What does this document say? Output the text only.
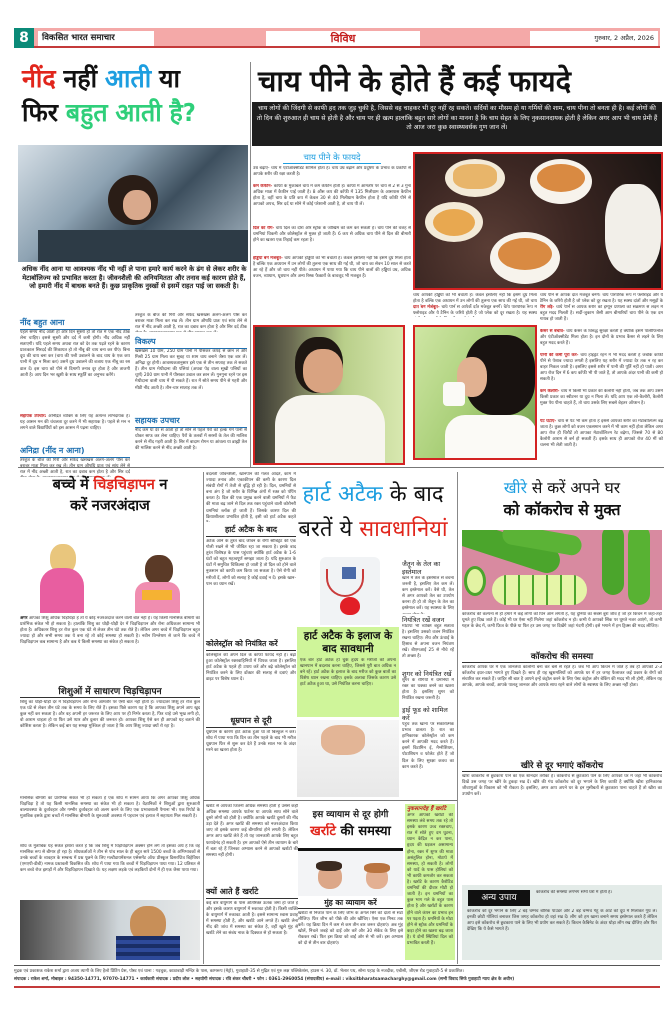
8	विकसित भारत समाचार	विविध	गुरुवार, 2 अप्रैल, 2026
नींद नहीं आती या
फिर बहुत आती है?
अधिक नींद आना या आवश्यक नींद भी नहीं ले पाना हमारे कार्य करने के ढंग से लेकर शरीर के मेटाबॉलिज्म को प्रभावित करता है। जीवनशैली की अनियमितता और तनाव कई कारण होते हैं, जो हमारी नींद में बाधक बनते हैं। कुछ प्राकृतिक नुस्खों से इसमें राहत पाई जा सकती है।
नींद बहुत आना
पहले समय नींद आती हो और दिन सुस्ती हो तो रात में एक नींद ठीक लेना चाहिए। इससे सुस्ती और दर्द में कमी होगी। नींद अधिक नहीं सताएगी। यदि पहले समय अथवा रात को देर तक पढ़ते रहने के कारण प्रातःकाल सिरदर्द की शिकायत हो तो नींबू की चाय बना कर पीएं। बिना दूध की चाय बना कर (चाय की पत्ती उबालने के बाद चाय के एक कप पानी में दूध न मिला कर) उसमें दूध उबालने की बजाय एक नींबू का रस डाल दें। इस चाय को पीने से दिमागी तनाव दूर होता है और ताजगी आती है। आप दिन भर खुशी के साथ स्फूर्ति का अनुभव करेंगे।
सहायक उपचार: अनिद्रित व्यक्ति के लिए यह अत्यन्त लाभदायक है। यह आसन मन की चंचलता दूर करने में भी सहायक है। पहले से मन न लगने वाले विद्यार्थियों को इस आसन में पढ़ना चाहिए।
अनिद्रा (नींद न आना)
तरबूज के बीज की गिरी और सफेद खसखस अलग-अलग पीस कर रात में नींद अच्छी आती है, रात का दबाव कम होता है और सिर दर्द
तरबूज के बीज की गिरी और सफेद खसखस अलग-अलग पीस कर बराबर मात्रा मिला कर रख लें। तीन ग्राम औषधि प्रातः एवं सांय लेने से रात में नींद अच्छी आती है, रात का दबाव कम होता है और सिर दर्द ठीक
विकल्प
खसखस 10 ग्राम, 250 ग्राम पानी में पीसकर कपड़े से छान लें और मिश्री 25 ग्राम मिला कर सुबह या शाम चाय बनाने जैसा एक बार लें। अनिद्रा दूर होगी। आवश्यकतानुसार इसे एक से तीन सप्ताह तक ले सकते हैं। तीन ग्राम मेथीदाना की पत्तियां (अथवा पेड़ वाला सूखी पत्तियों का चूर्ण) 200 ग्राम पानी में पीसकर उबाल कर छान लें। गुनगुना रहने पर इस मेथीदाना वाली चाय में पी सकते हैं। रात में सोते समय पीने से गहरी और मीठी नींद आती है। तीन-चार सप्ताह तक लें।
सहायक उपचार
नींद कम या देर से आती हो तो सोने से पहले पैरों को हल्के गर्म पानी से धोकर साफ कर लेना चाहिए। पैरों के तलवों में सरसों के तेल की मालिश करने से नींद गहरी आती है। सिर में बादाम रोगन या आंवला या ब्राह्मी तेल की मालिश करने से नींद अच्छी आती है।
चाय पीने के होते हैं कई फायदे
चाय लोगों की जिंदगी से काफी हद तक जुड़ चुकी है, जिससे वह चाहकर भी दूर नहीं रह सकते। सर्दियों का मौसम हो या गर्मियों की शाम, चाय पीना तो बनता ही है। कई लोगों की तो दिन की शुरुआत ही चाय से होती है और चाय पर ही खत्म हालांकि बहुत सारे लोगों का मानना है कि चाय सेहत के लिए नुकसानदायक होती है लेकिन अगर आप भी चाय प्रेमी हैं तो आज जरा कुछ स्वास्थ्यवर्धक गुण जान लें।
चाय पीने के फायदे
उम्र बढ़ाए- चाय में एंटीऑक्सीडेंट शामिल होता है। चाय उम्र बढ़ाने और प्रदूषण के प्रभाव के प्रकोपों से आपके शरीर की रक्षा करती है।
कम कैफीन- कॉफी के मुकाबले चाय में कम कैफीन होती है। कॉफी में आमतौर पर चाय से 2 से 3 गुना अधिक मात्रा में कैफीन पाई जाती है। 8 औंस कप की कॉफी में 135 मिलीग्राम के आसपास कैफीन होता है, वहीं चाय के प्रति कप में केवल 30 से 40 मिलीग्राम कैफीन होता है यदि कॉफी पीने से आपको अपच, सिर दर्द या सोने में कोई परेशानी आती है, तो चाय पी लें।
दिल का रोग- चाय दिल का दौरा और स्ट्रोक के जोखिम को कम कर सकती है। चाय पीने की वजह से धमनियां चिकनी और कोलेस्ट्रॉल से मुक्त हो जाती हैं। 6 कप से अधिक चाय पीने से दिल की बीमारी होने का खतरा एक तिहाई कम रहता है।
हड्डियां बने मजबूत- चाय आपकी हड्डियों को भी बचाती है। केवल इसलिए नहीं कि इसमें दूध मिला होता है बल्कि एक अध्ययन में उन लोगों की तुलना एक साथ की गई थी, जो चाय का सेवन 10 साल से करते आ रहे हैं और जो चाय नहीं पीते। अध्ययन में पाया गया कि चाय पीने वालों की हड्डियां उम्र, अधिक वजन, व्यायाम, धूम्रपान और अन्य रिस्क फैक्टरों के बावजूद भी मजबूत हैं।
चाय आपकी हड्डियों को भी बचाती है। केवल इसलिए नहीं कि इसमें दूध मिला होता है बल्कि एक अध्ययन में उन लोगों की तुलना एक साथ की गई थी, जो चाय
दांत बने मजबूत- चाय पीने से आपके दांत मजबूत बनेंगे। चाय पारंपरिक रूप में फ्लोराइड और ये टैनिन के जरिये होती है जो प्लेक को दूर रखता है। यह स्वस्थ
चाय पीने से आपके दांत मजबूत बनेंगे। चाय पारंपरिक रूप में फ्लोराइड और ये टैनिन के जरिये होती है जो प्लेक को दूर रखता है। यह स्वस्थ दांतों और मसूड़ों के
रोग लड़े- चाय पीने से आपके शरीर को इम्यून प्रणाली को संक्रमण से लड़ने में बहुत मदद मिलती है। सर्दी-जुकाम जैसी आम बीमारियों चाय पीने के एक दम गायब हो जाती हैं।
कैंसर से बचाव- चाय कैंसर के विरुद्ध सुरक्षा करती है क्योंकि इसमें पॉलीफिनोल और एंटीऑक्सीडेंट मिला होता है। इन दोनों के प्रभाव कैंसर से लड़ने के लिए बहुत मदद करते हैं।
पानी की कमी पूरा करें- चाय हाइड्रेट रहने में भी मदद करती है जबकि कॉफी पीने से पेशाब ज्यादा लगती है इसलिए यह शरीर में ज्यादा देर तक न रह कर बाहर निकल जाती है। इसलिए इससे शरीर में पानी की पूर्ति नहीं हो पाती। अगर आप रोज दिन में 6 कप कॉफी भी पी जाते हैं, तो आपके अंदर पानी की कमी हो सकती है।
कम कैलोरी- चाय में किसी भी प्रकार की कैलोरी नहीं होती, जब तक आप उसमें किसी प्रकार का स्वीटनर या दूध न मिला लें। यदि आप एक लो-कैलोरी, कैलोरी मुक्त पेय पीना चाहते हैं, तो चाय उसके लिए सबसे बेहतर ऑप्शन है।
पेट घटाए- चाय से पेट भी कम होता है इससे आपको शरीर का मेटाबॉलिज्म बढ़ जाता है। कुछ लोगों को वजन एकसमान करने में भी काम नहीं होता लेकिन अगर आप रोज ही चिरौटें तो आपका मेटाबॉलिज्म रेट बढ़ेगा, जिससे 70 से 80 कैलोरी आराम से बर्न हो सकती हैं। इसके साथ ही आपको रोज 40 मीं को चलना भी लेती जाती है।
बच्चे में चिड़चिड़ापन न
करें नजरअंदाज
अगर आपका शिशु अधिक चिड़चिड़ा है तो ये कोई नजरअंदाज करने वाली बात नहीं है। यह किसी मानसिक बीमारी का प्रारंभिक संकेत भी हो सकता है। हालांकि शिशु का थोड़ी-थोड़ी देर में चिड़चिड़ापन और रोना अधिकतर सामान्य भी होता है। अधिकतर शिशु हर रोज कुल एक घंटे से लेकर तीन घंटे तक रोते हैं। लेकिन अगर बच्चे में चिड़चिड़ापन बहुत ज्यादा हो और सभी समय तक ये बना रहे तो कोई समस्या हो सकती है। नवीन विश्लेषण से जाने कि बच्चे में चिड़चिड़ापन कब सामान्य है और कब ये किसी समस्या का संकेत हो सकता है।
शिशुओं में साधारण चिड़चिड़ापन
शिशु का थोड़ी-थोड़ी देर में चिड़चिड़ापन और रोना आमतौर पर ऐसी बात नहीं होती है। ज्यादातर शिशु हर रोज कुल एक घंटे से लेकर तीन घंटे तक के समय के लिए रोते हैं। इसका पिछे कारण यह है कि आपका शिशु अपने आप खुद कुछ नहीं कर सकता है। और वह अपनी हर जरूरत के लिए आप पर ही निर्भर करता है, फिर चाहे उसे भूख लगी हो, वो आराम चाहता हो या फिर उसे प्यार और दुलार की जरूरत हो। आपका शिशु ऐसे कर ही आपको यह बताने की कोशिश करता है। लेकिन कई बार यह समझ मुश्किल हो जाता है कि आप शिशु ज्यादा क्यों रो रहा है।
मानसिक बीमारी का प्रारंभिक संकेत भी हो सकता है एक शोध में सामने आया कि अगर आपका शिशु अधिक चिड़चिड़ा है तो यह किसी मानसिक समस्या का संकेत भी हो सकता है। वैज्ञानिकों ने शिशुओं द्वारा शुरुआती बाल्यावस्था के दुर्व्यवहार और गम्भीर दुर्व्यवहार को अलग करने के लिए एक प्रभावशाली पैमाना भी। एक रिपोर्ट के मुताबिक इसके द्वारा बच्चों में मानसिक बीमारी के शुरुआती अवस्था में पहचान एवं इलाज में सहायता मिल सकती है।
शोध के मुताबिक यह संकेत इशारा करते हैं कि जब शिशु में चिड़चिड़ापन अक्सर होने लगे तो इसका अर्थ है कि वह मानसिक रूप से बीमार हो रहा है। शोधकर्ताओं ने तीन से पांच साल के ही बहुत सारे 1500 बच्चों के अभिभावकों से उनके बच्चों के व्यवहार के सम्बन्ध में प्रश्न पूछने के लिए मल्टीडायमेंशनल एसेसमेंट ऑफ प्रीस्कूल डिसरप्टिव बिहेवियर (एमएपी-डीबी) नामक प्रश्नावली विकसित की। शोध में पाया गया कि बच्चों में चिड़चिड़ापन पाया गया। 12 प्रतिशत से कम बच्चे रोज झगड़ों में और चिड़चिड़ापन दिखाते थे। यह लक्षण लड़के एवं लड़कियों दोनों में ही एक जैसा पाया गया।
बदलती जीवनशैली, खानपान की गलत आदतें, काम में ज्यादा तनाव और एकाकीपन की कमी के कारण दिल संबंधी रोगों में तेजी से वृद्धि हो रही है। दिल, धमनियों से बना अंग है जो शरीर के विभिन्न अंगों में रक्त को पंपिंग करता है। दिल की एक प्रमुख करने वाली धमनियों में फैट की मात्रा बढ़ जाने से दिल तक रक्त पहुंचाने वाली कोरोनरी धमनियां ब्लॉक हो जाती हैं। जिसके कारण दिल की क्रियाशीलता प्रभावित होती है, इसी को हार्ट अटैक कहते
हार्ट अटैक के बाद
अटैक आने के तुरंत बाद जीवन के रोगी सोबिट्रेट की एक गोली रखने से भी जीवित रहा जा सकता है। इसके बाद तुरंत विशेषज्ञ के पास पहुंचाएं क्योंकि हार्ट अटैक के 1-6 घंटों को बहुत महत्वपूर्ण समझा जाता है। यदि शुरुआत के घंटों में समुचित चिकित्सा हो जाती है तो दिल को होने वाले नुकसान को काफी कम किया जा सकता है। ऐसे रोगी को मरीजों दें, लोगों को सलाह है कोई दवाई न दें। इसके खान-पान का ध्यान रखें।
कोलेस्ट्रॉल को नियंत्रित करें
कोलेस्ट्रॉल की अपने दिल के काफी फायदे नहीं हैं। बढ़ा हुआ कोलेस्ट्रॉल रक्तवाहिनियों में चिपक जाता है। इसलिए हार्ट अटैक के पहले ही उपाय करें और बढ़े कोलेस्ट्रॉल को नियंत्रित करने के लिए डॉक्टर की सलाह से दवाएं और डाइट पर विशेष ध्यान दें।
धूम्रपान से दूरी
धूम्रपान के कारण हार्ट अटैक हुआ था तो बिल्कुल न करें। शोध में पाया गया कि दिन का तीन पहले के बाद भी मरीज धूम्रपान फिर से शुरू कर देते हैं उनके साल भर के अंदर मरने का खतरा होता है।
हार्ट अटैक के बाद
बरतें ये सावधानियां
हार्ट अटैक के इलाज के बाद सावधानी
एक बार हार्ट अटैक हो चुके हृदय के मरीजों को अपना खानपान में बदलाव करना चाहिए, जिससे पूरी बात अधिक न बने रहें। हार्ट अटैक के इलाज के बाद मरीज को कुछ बातों का विशेष ध्यान रखना चाहिए। इसके अलावा जिसके कारण उसे हार्ट अटैक हुआ था, उसे नियंत्रित करना चाहिए।
जैतून के तेल का इस्तेमाल
खाने में तेल के इस्तेमाल से बचना जरूरी है, इसलिए तेल कम लें। कम इस्तेमाल करें। वैसे घी, तेल से अगर आपको तेल का उपयोग करना ही हो तो जैतून के तेल का इस्तेमाल करें। यह स्वास्थ्य के लिए
नियंत्रित रखें वजन
मोटापा भी व्यक्ति बहुत सताता है। इसलिए उसको वजन नियंत्रित रखना चाहिए। लैंथ और ऊंचाई के हिसाब से अपना वजन नियंत्रण रखें। बीएमआई 25 से नीचे रहें तो अच्छा है।
शुगर को नियंत्रित रखें
शुगर के रोगियों में धमनियों में रक्त का थक्का बनने का खतरा होता है। इसलिए शुगर को नियंत्रित रखना जरूरी है।
ड्राई फूड को शामिल करें
पहुंच तक खाना पर सकारात्मक प्रभाव डालता है। रात का हानिकारक कोलेस्ट्रॉल को कम करने में आपकी मदद करते हैं। इसमें विटामिन ई, मैग्नीशियम, पोटाशियम व फोलेट होते हैं जो दिल के लिए सुरक्षा कवच का काम करते हैं।
खर्राटे से आपको जितनी अधिक समस्या होती है उससे कहीं अधिक समस्या आपके पार्टनर या आपके साथ सोने वाले दूसरे लोगों को होती है। क्योंकि आपके खर्राटे दूसरों की नींद उड़ा देते हैं। अगर खर्राटे की समस्या को नजरअंदाज किया जाए तो इसके कारण कई बीमारियां होने लगती हैं। लेकिन अगर आप खर्राटे लेते हैं तो यह जानकारी आपके लिए बहुत फायदेमंद हो सकती है। हम आपको ऐसे तीन व्यायाम के बारे में बता रहे हैं जिनका अभ्यास करने से आपको खर्राटों की समस्या नहीं होगी।
क्यों आते हैं खर्राटे
कई बार वायुमार्ग के पास अतिरिक्त ऊतक जमा हो जाते हैं और इसके कारण वायुमार्ग में रुकावट होती है। किसी व्यक्ति के वायुमार्ग में रुकावट आती है। इससे सामान्य श्वास प्रवाह में समस्या होती है, और खर्राटे आने लगते हैं। खर्राटे लेना नींद की जांच में समस्या का संकेत है, वहीं खुले मुंह से खर्राटे लेने का संबंध नाक के दिक्कत से हो सकता है।
इस व्यायाम से दूर होगी
खर्राटे की समस्या
मुंह का व्यायाम करें
खर्राटों से निजात पाने के लिए जीभ के अगले सिरे को दांतों से सटा लीजिए। फिर जीभ को पीछे की ओर खींचिए। ऐसा एक मिनट तक करें। यह क्रिया दिन में कम से कम तीन बार जरूर दोहराएं। अब मुंह खोलें, निचले जबड़े को दाईं ओर करें और 30 सेकेंड के लिए इसे रोककर रखें। फिर इस क्रिया को बाईं ओर से भी करें। इस अभ्यास को दो से तीन बार दोहराएं।
नुकसानदेह हैं खर्राटे
अगर आपको खर्राटों की समस्या लंबे समय तक रहे तो इसके कारण उच्च रक्तचाप, रात में सोते हुए दम घुटना, ध्यान केंद्रित न कर पाना, हृदय की धड़कन असामान्य होना, रक्त में शुगर की मात्रा असंतुलित होना, मोटापे में समस्या, हो सकती है। लोगों को यादें के पास होलियां को भी काफी कमजोर कर सकता है। खर्राटे के कारण कैरोटिड धमनियों की दीवार मोटी हो जाती है। इन धमनियों का कुछ भाग गले के बहुत पास होता है और खर्राटों के कारण होने वाले कंपन का प्रभाव इन पर पड़ता है। धमनियों के मोटा होने से स्ट्रोक और धमनियों के कड़ा होने का खतरा बढ़ जाता है। ये दोनों स्थितियां दिल को प्रभावित करती हैं।
खीरे से करें अपने घर
को कॉकरोच से मुक्त
कॉकरोच की कल्पना से ही हमारे मैं कई लोगों को घिन आने लगती है, यह दुनिया का सबसे बुरा जीव है जो हर किचन में जहां-तहां घूमते हुए दिख जाते हैं। कोई भी घर ऐसा नहीं मिलेगा जहां कॉकरोच न हो। कभी ये आपको सिंक पर घूमते नजर आएंगे, तो कभी गद्दल के छेद में, कभी फ्रिज के पीछे या फिर हर उस जगह पर दिखेंगे जहां गंदगी होगी। इसे भगाने में हम ट्रिक्स की मदद लीजिए।
कॉकरोच की समस्या
कॉकरोच आपके घर में एक जानलेवा कालोनी बना कर बसे से रहते हैं। जब भी आप किचन में जाते हैं तब ही आपको 2-3 कॉकरोच इधर-उधर भागते हुए दिखते हैं। साथ ही यह खुशमलियों को आपके घर में हर जगह फैलाकर कई प्रकार के रोगों को संचारित कर सकते हैं। जाहिर सी बात है आपने इन्हें कंट्रोल करने के लिए पेस्ट कंट्रोल और बेकिंग की मदद भी ली होगी, लेकिन यह आपके, आपके बच्चों, आपके पालतू जानवर और आपके साथ रहने वाले लोगों के स्वास्थ्य के लिए अच्छा नहीं होता।
खीरे से दूर भगाएं कॉकरोच
खीरा कॉकरोच से छुटकारा पाने का एक शानदार तरीका है। कॉकरोच से छुटकारा पाने के लिए आपको घर में जहां भी कॉकरोच दिखें उस जगह पर खीरे के टुकड़ा रख दें। खीरे की गंध कॉकरोच को दूर भगाने के लिए काफी है क्योंकि खीरा हानिकारक जीवाणुओं के विकास को भी रोकता है। इसलिए, अगर आप अपने घर के इन मुसीबतों से छुटकारा पाना चाहते हैं तो खीरा का उपयोग करें।
अन्य उपाय
कॉकरोच की समस्या लगभग सभी घरों में होती है।
कॉकरोच को दूर भगाने के लिए 2 बड़े चम्मच बोरिक पाउडर और 2 बड़े चम्मच गेहूं के आटे को दूध में मिलाकर गूंथ लें। इनकी छोटी गोलियां बनाकर जिस जगह कॉकरोच हो वहां रख दें। लौंग को हम खाना बनाने समय इस्तेमाल करते हैं लेकिन आप इसे कॉकरोच से छुटकारा पाने के लिए भी प्रयोग कर सकते हैं। किचन कैबिनेट के अंदर थोड़ा लौंग रख दीजिए और फिर देखिए कि ये कैसे भागते हैं।
मुद्रक एवं प्रकाशक राकेश शर्मा द्वारा अजय त्यागी के लिए हैलो प्रिंटिंग प्रेस, पोस्ट एवं थाना : गड़चुक, काठाबाड़ी मन्दिर के पास, कामरूप (मेट्रो), गुवाहाटी-35 से मुद्रित एवं गुरु लक्ष पब्लिकेशंस, हाउस नं. 30, डॉ. भेलार पथ, सोना पहाड़ के नजदीक, एबीसी, जीएस रोड गुवाहाटी-5 से प्रकाशित।
संपादक : राकेश शर्मा, मोबाइल : 94350-14771, 97070-14771 • कार्यकारी संपादक : प्रदीप लोल • सहयोगी संपादक : रवि शंकर चौधरी • फोन : 0361-2960054 (संपादकीय) e-mail : viksitbharatsamacharghy@gmail.com (सभी विवाद सिर्फ गुवाहाटी न्याय क्षेत्र के अधीन)
